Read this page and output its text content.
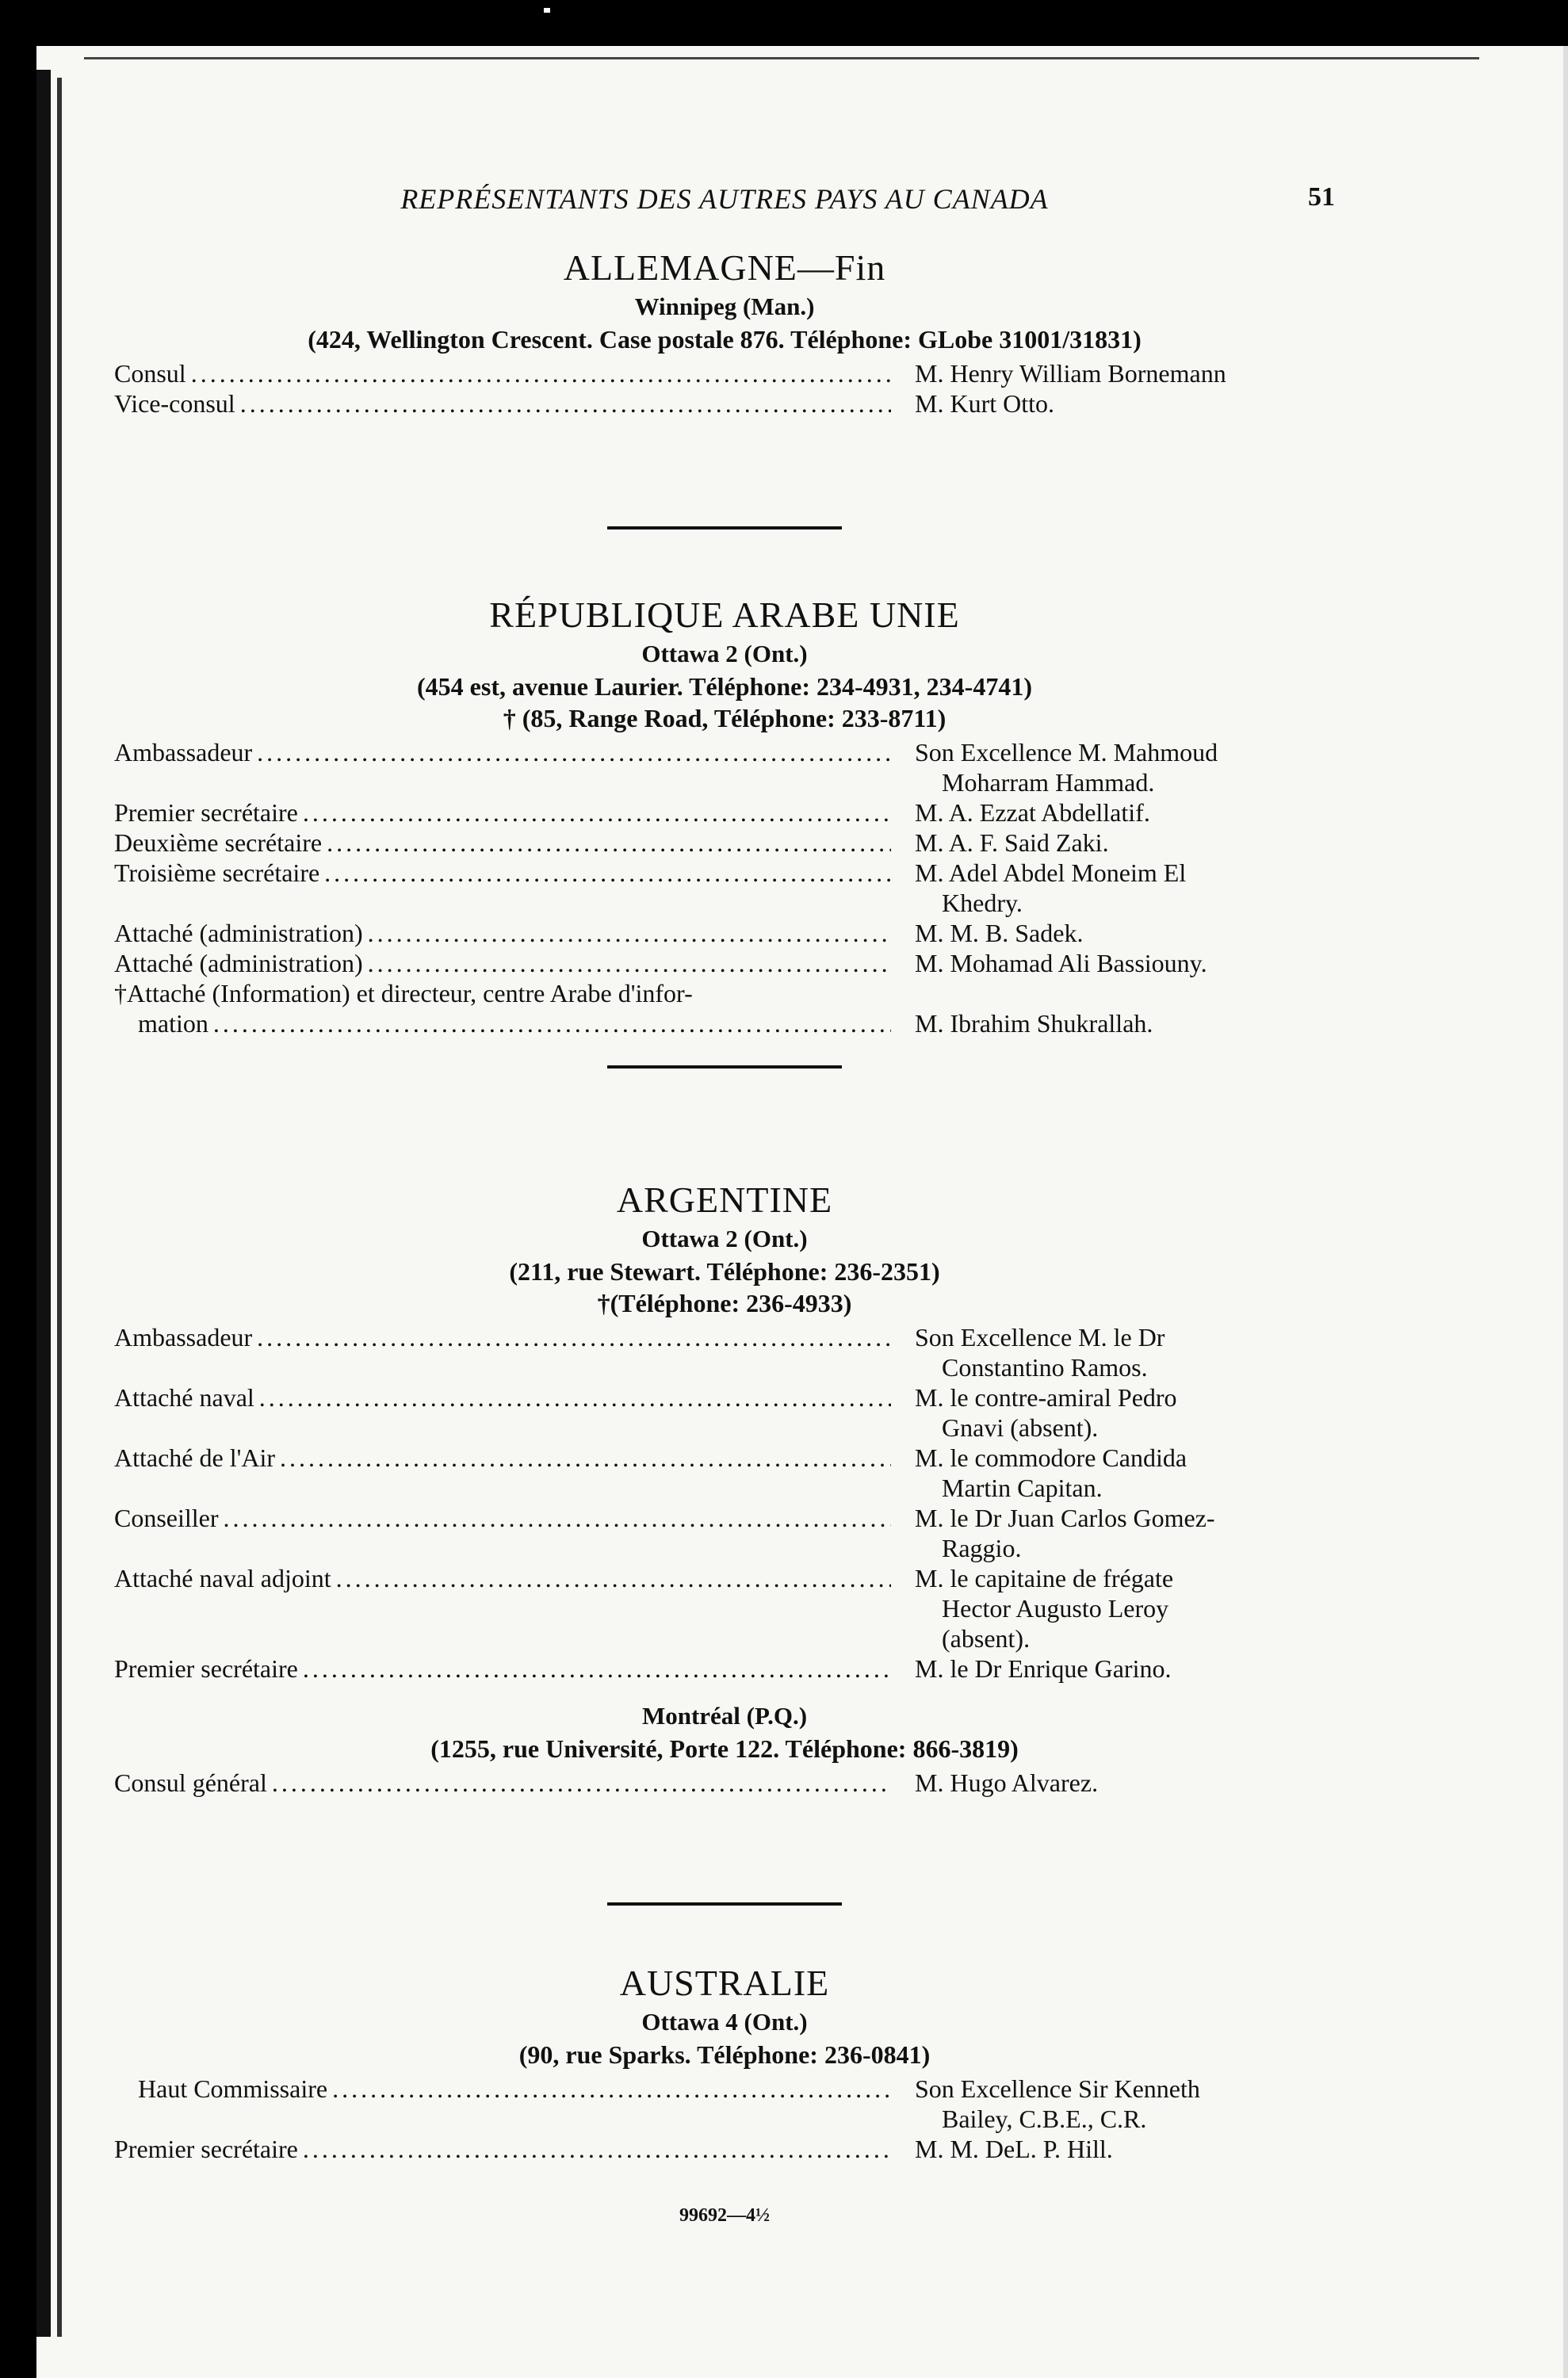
REPRÉSENTANTS DES AUTRES PAYS AU CANADA	51
ALLEMAGNE—Fin
Winnipeg (Man.)
(424, Wellington Crescent. Case postale 876. Téléphone: GLobe 31001/31831)
Consul . . .	M. Henry William Bornemann
Vice-consul . . .	M. Kurt Otto.
RÉPUBLIQUE ARABE UNIE
Ottawa 2 (Ont.)
(454 est, avenue Laurier. Téléphone: 234-4931, 234-4741)
† (85, Range Road, Téléphone: 233-8711)
Ambassadeur . . .	Son Excellence M. Mahmoud
Moharram Hammad.
Premier secrétaire . . .	M. A. Ezzat Abdellatif.
Deuxième secrétaire . . .	M. A. F. Said Zaki.
Troisième secrétaire . . .	M. Adel Abdel Moneim El
Khedry.
Attaché (administration) . . .	M. M. B. Sadek.
Attaché (administration) . . .	M. Mohamad Ali Bassiouny.
†Attaché (Information) et directeur, centre Arabe d'infor-
mation . . .	M. Ibrahim Shukrallah.
ARGENTINE
Ottawa 2 (Ont.)
(211, rue Stewart. Téléphone: 236-2351)
†(Téléphone: 236-4933)
Ambassadeur . . .	Son Excellence M. le Dr
Constantino Ramos.
Attaché naval . . .	M. le contre-amiral Pedro
Gnavi (absent).
Attaché de l'Air . . .	M. le commodore Candida
Martin Capitan.
Conseiller . . .	M. le Dr Juan Carlos Gomez-
Raggio.
Attaché naval adjoint . . .	M. le capitaine de frégate
Hector Augusto Leroy
(absent).
Premier secrétaire . . .	M. le Dr Enrique Garino.
Montréal (P.Q.)
(1255, rue Université, Porte 122. Téléphone: 866-3819)
Consul général . . .	M. Hugo Alvarez.
AUSTRALIE
Ottawa 4 (Ont.)
(90, rue Sparks. Téléphone: 236-0841)
Haut Commissaire . . .	Son Excellence Sir Kenneth
Bailey, C.B.E., C.R.
Premier secrétaire . . .	M. M. DeL. P. Hill.
99692—4½
